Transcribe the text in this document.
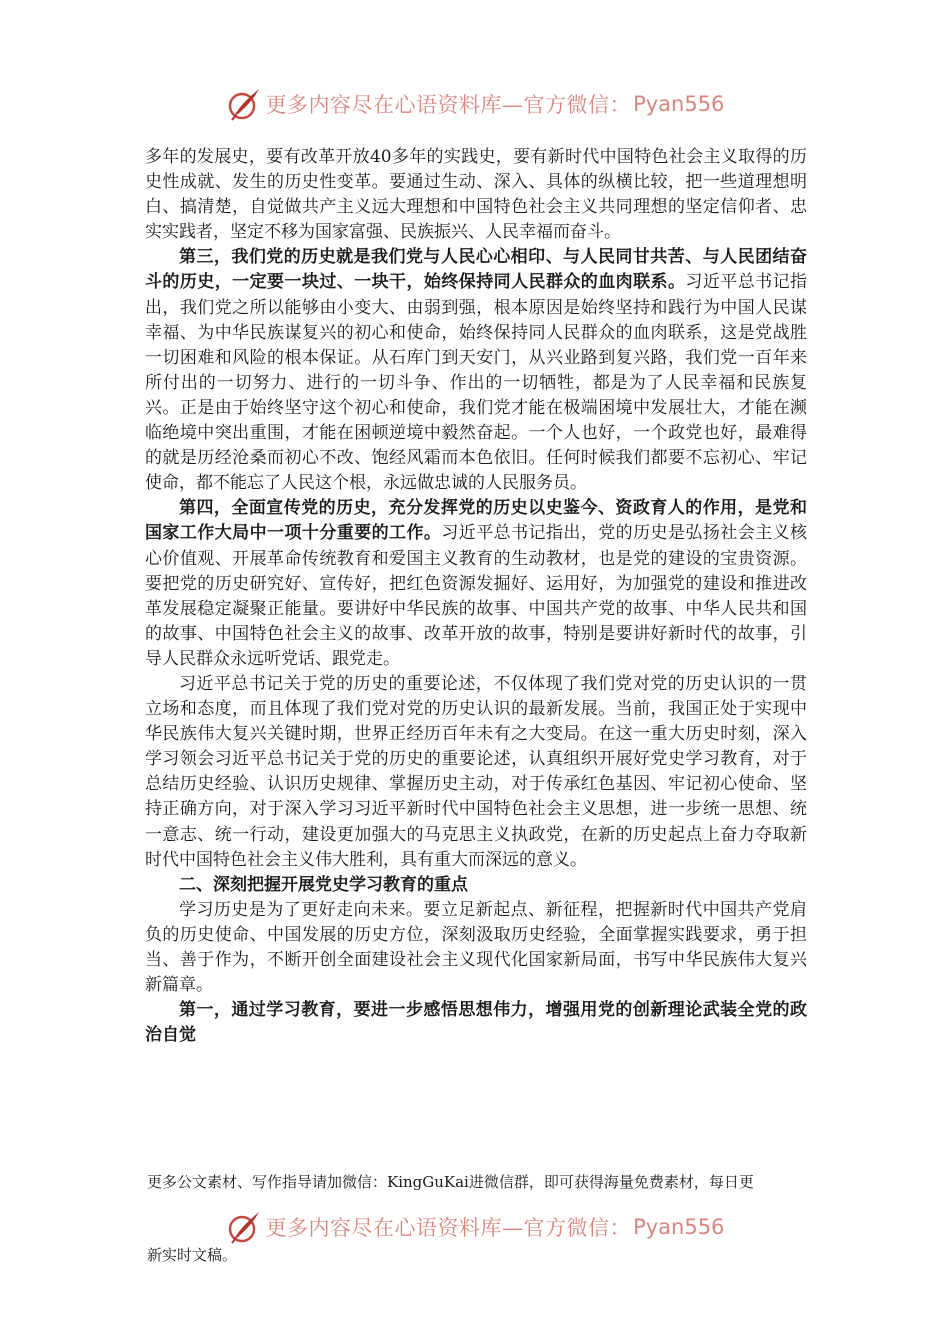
更多内容尽在心语资料库—官方微信： Pyan556

多年的发展史，要有改革开放40多年的实践史，要有新时代中国特色社会主义取得的历史性成就、发生的历史性变革。要通过生动、深入、具体的纵横比较，把一些道理想明白、搞清楚，自觉做共产主义远大理想和中国特色社会主义共同理想的坚定信仰者、忠实实践者，坚定不移为国家富强、民族振兴、人民幸福而奋斗。

第三，我们党的历史就是我们党与人民心心相印、与人民同甘共苦、与人民团结奋斗的历史，一定要一块过、一块干，始终保持同人民群众的血肉联系。习近平总书记指出，我们党之所以能够由小变大、由弱到强，根本原因是始终坚持和践行为中国人民谋幸福、为中华民族谋复兴的初心和使命，始终保持同人民群众的血肉联系，这是党战胜一切困难和风险的根本保证。从石库门到天安门，从兴业路到复兴路，我们党一百年来所付出的一切努力、进行的一切斗争、作出的一切牺牲，都是为了人民幸福和民族复兴。正是由于始终坚守这个初心和使命，我们党才能在极端困境中发展壮大，才能在濒临绝境中突出重围，才能在困顿逆境中毅然奋起。一个人也好，一个政党也好，最难得的就是历经沧桑而初心不改、饱经风霜而本色依旧。任何时候我们都要不忘初心、牢记使命，都不能忘了人民这个根，永远做忠诚的人民服务员。

第四，全面宣传党的历史，充分发挥党的历史以史鉴今、资政育人的作用，是党和国家工作大局中一项十分重要的工作。习近平总书记指出，党的历史是弘扬社会主义核心价值观、开展革命传统教育和爱国主义教育的生动教材，也是党的建设的宝贵资源。要把党的历史研究好、宣传好，把红色资源发掘好、运用好，为加强党的建设和推进改革发展稳定凝聚正能量。要讲好中华民族的故事、中国共产党的故事、中华人民共和国的故事、中国特色社会主义的故事、改革开放的故事，特别是要讲好新时代的故事，引导人民群众永远听党话、跟党走。

习近平总书记关于党的历史的重要论述，不仅体现了我们党对党的历史认识的一贯立场和态度，而且体现了我们党对党的历史认识的最新发展。当前，我国正处于实现中华民族伟大复兴关键时期，世界正经历百年未有之大变局。在这一重大历史时刻，深入学习领会习近平总书记关于党的历史的重要论述，认真组织开展好党史学习教育，对于总结历史经验、认识历史规律、掌握历史主动，对于传承红色基因、牢记初心使命、坚持正确方向，对于深入学习习近平新时代中国特色社会主义思想，进一步统一思想、统一意志、统一行动，建设更加强大的马克思主义执政党，在新的历史起点上奋力夺取新时代中国特色社会主义伟大胜利，具有重大而深远的意义。

二、深刻把握开展党史学习教育的重点

学习历史是为了更好走向未来。要立足新起点、新征程，把握新时代中国共产党肩负的历史使命、中国发展的历史方位，深刻汲取历史经验，全面掌握实践要求，勇于担当、善于作为，不断开创全面建设社会主义现代化国家新局面，书写中华民族伟大复兴新篇章。

第一，通过学习教育，要进一步感悟思想伟力，增强用党的创新理论武装全党的政治自觉

更多公文素材、写作指导请加微信：KingGuKai进微信群，即可获得海量免费素材，每日更
更多内容尽在心语资料库—官方微信： Pyan556
新实时文稿。
